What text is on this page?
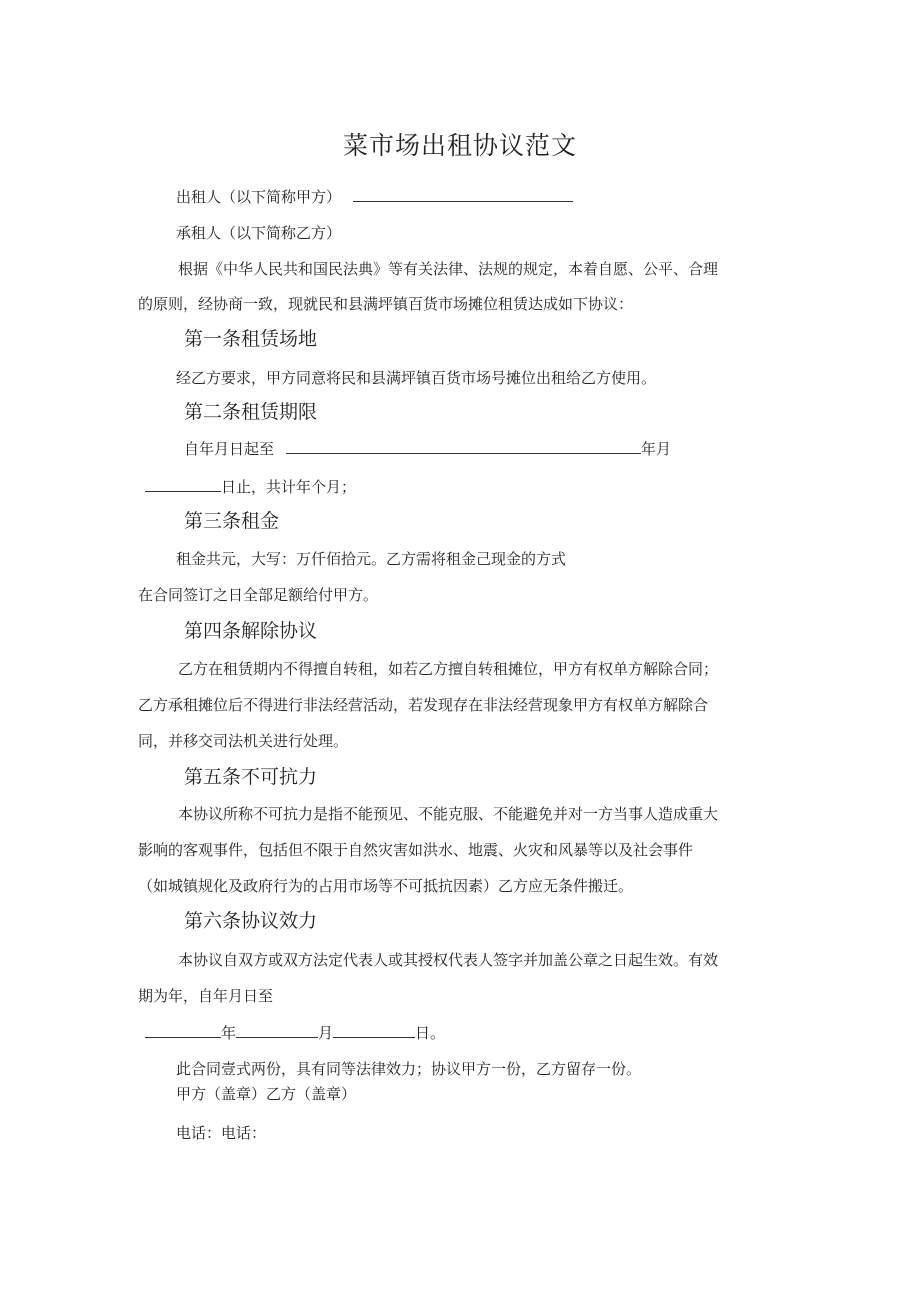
菜市场出租协议范文
出租人（以下简称甲方）
承租人（以下简称乙方）
根据《中华人民共和国民法典》等有关法律、法规的规定，本着自愿、公平、合理
的原则，经协商一致，现就民和县满坪镇百货市场摊位租赁达成如下协议：
第一条租赁场地
经乙方要求，甲方同意将民和县满坪镇百货市场号摊位出租给乙方使用。
第二条租赁期限
自年月日起至	年月
日止，共计年个月；
第三条租金
租金共元，大写：万仟佰拾元。乙方需将租金己现金的方式
在合同签订之日全部足额给付甲方。
第四条解除协议
乙方在租赁期内不得擅自转租，如若乙方擅自转租摊位，甲方有权单方解除合同；
乙方承租摊位后不得进行非法经营活动，若发现存在非法经营现象甲方有权单方解除合
同，并移交司法机关进行处理。
第五条不可抗力
本协议所称不可抗力是指不能预见、不能克服、不能避免并对一方当事人造成重大
影响的客观事件，包括但不限于自然灾害如洪水、地震、火灾和风暴等以及社会事件
（如城镇规化及政府行为的占用市场等不可抵抗因素）乙方应无条件搬迁。
第六条协议效力
本协议自双方或双方法定代表人或其授权代表人签字并加盖公章之日起生效。有效
期为年，自年月日至
年	月	日。
此合同壹式两份，具有同等法律效力；协议甲方一份，乙方留存一份。
甲方（盖章）乙方（盖章）
电话：电话：
